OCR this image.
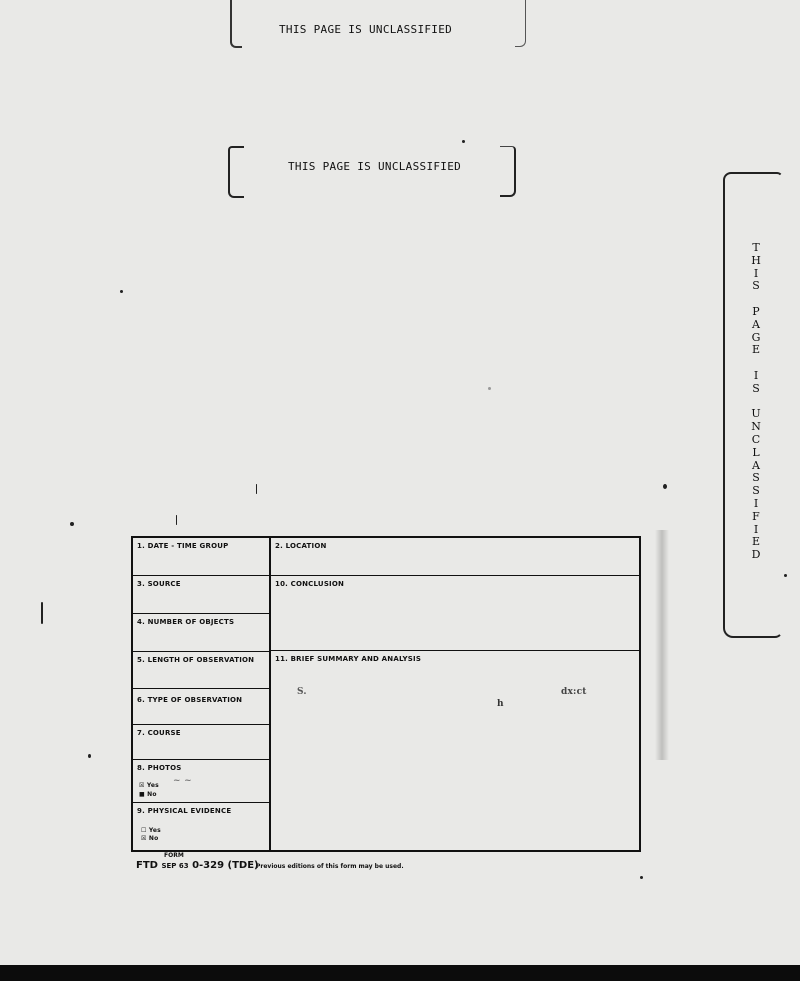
THIS PAGE IS UNCLASSIFIED
THIS PAGE IS UNCLASSIFIED
T
H
I
S

P
A
G
E

I
S

U
N
C
L
A
S
S
I
F
I
E
D
1. DATE - TIME GROUP
3. SOURCE
4. NUMBER OF OBJECTS
5. LENGTH OF OBSERVATION
6. TYPE OF OBSERVATION
7. COURSE
8. PHOTOS
☒ Yes
■ No
~ ~
9. PHYSICAL EVIDENCE
☐ Yes
☒ No
2. LOCATION
10. CONCLUSION
11. BRIEF SUMMARY AND ANALYSIS
S.
h
dx:ct
FORM
FTD SEP 63 0-329 (TDE)
Previous editions of this form may be used.
